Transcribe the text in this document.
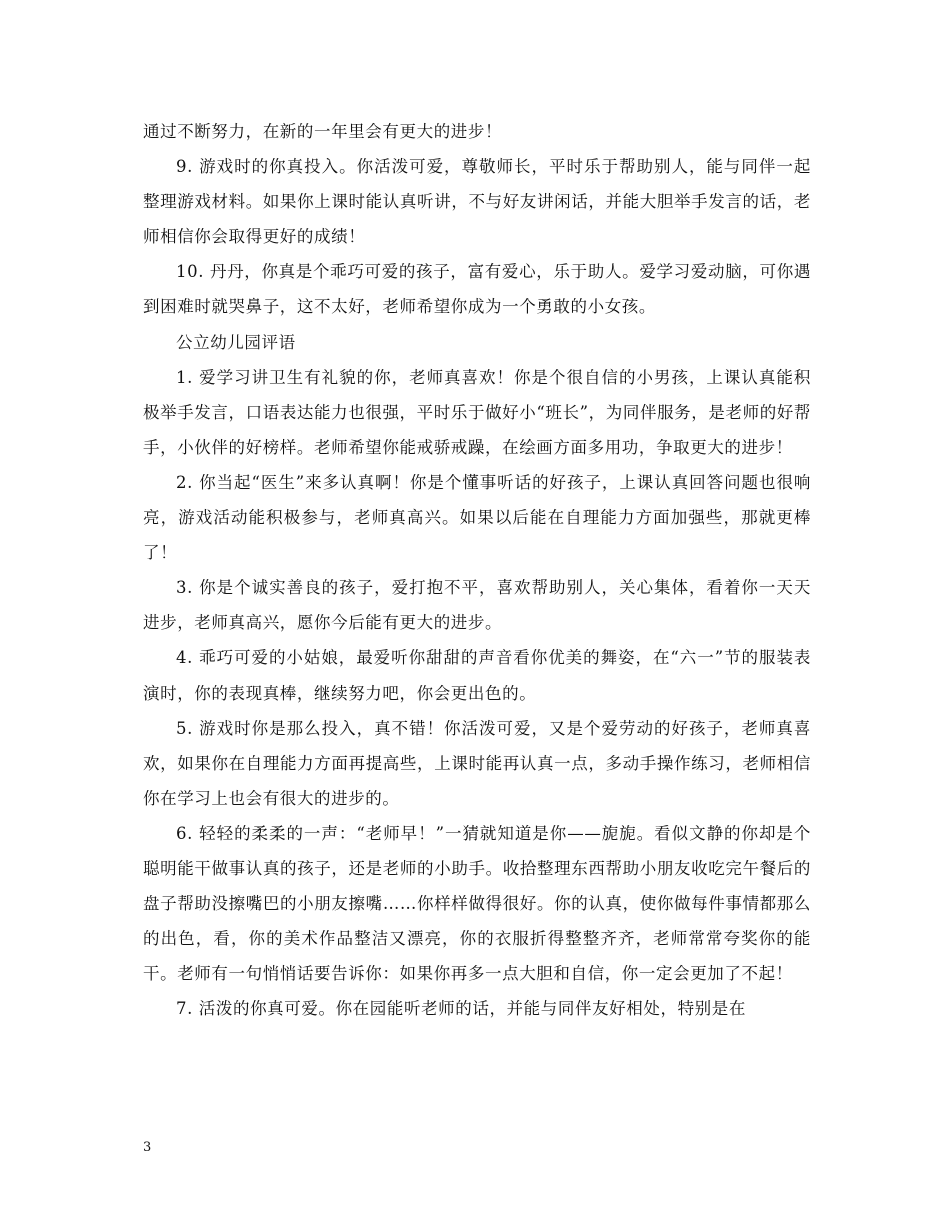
通过不断努力，在新的一年里会有更大的进步！

9. 游戏时的你真投入。你活泼可爱，尊敬师长，平时乐于帮助别人，能与同伴一起整理游戏材料。如果你上课时能认真听讲，不与好友讲闲话，并能大胆举手发言的话，老师相信你会取得更好的成绩！

10. 丹丹，你真是个乖巧可爱的孩子，富有爱心，乐于助人。爱学习爱动脑，可你遇到困难时就哭鼻子，这不太好，老师希望你成为一个勇敢的小女孩。

公立幼儿园评语

1. 爱学习讲卫生有礼貌的你，老师真喜欢！你是个很自信的小男孩，上课认真能积极举手发言，口语表达能力也很强，平时乐于做好小“班长”，为同伴服务，是老师的好帮手，小伙伴的好榜样。老师希望你能戒骄戒躁，在绘画方面多用功，争取更大的进步！

2. 你当起“医生”来多认真啊！你是个懂事听话的好孩子，上课认真回答问题也很响亮，游戏活动能积极参与，老师真高兴。如果以后能在自理能力方面加强些，那就更棒了！

3. 你是个诚实善良的孩子，爱打抱不平，喜欢帮助别人，关心集体，看着你一天天进步，老师真高兴，愿你今后能有更大的进步。

4. 乖巧可爱的小姑娘，最爱听你甜甜的声音看你优美的舞姿，在“六一”节的服装表演时，你的表现真棒，继续努力吧，你会更出色的。

5. 游戏时你是那么投入，真不错！你活泼可爱，又是个爱劳动的好孩子，老师真喜欢，如果你在自理能力方面再提高些，上课时能再认真一点，多动手操作练习，老师相信你在学习上也会有很大的进步的。

6. 轻轻的柔柔的一声：“老师早！”一猜就知道是你——旎旎。看似文静的你却是个聪明能干做事认真的孩子，还是老师的小助手。收拾整理东西帮助小朋友收吃完午餐后的盘子帮助没擦嘴巴的小朋友擦嘴……你样样做得很好。你的认真，使你做每件事情都那么的出色，看，你的美术作品整洁又漂亮，你的衣服折得整整齐齐，老师常常夸奖你的能干。老师有一句悄悄话要告诉你：如果你再多一点大胆和自信，你一定会更加了不起！

7. 活泼的你真可爱。你在园能听老师的话，并能与同伴友好相处，特别是在

3
